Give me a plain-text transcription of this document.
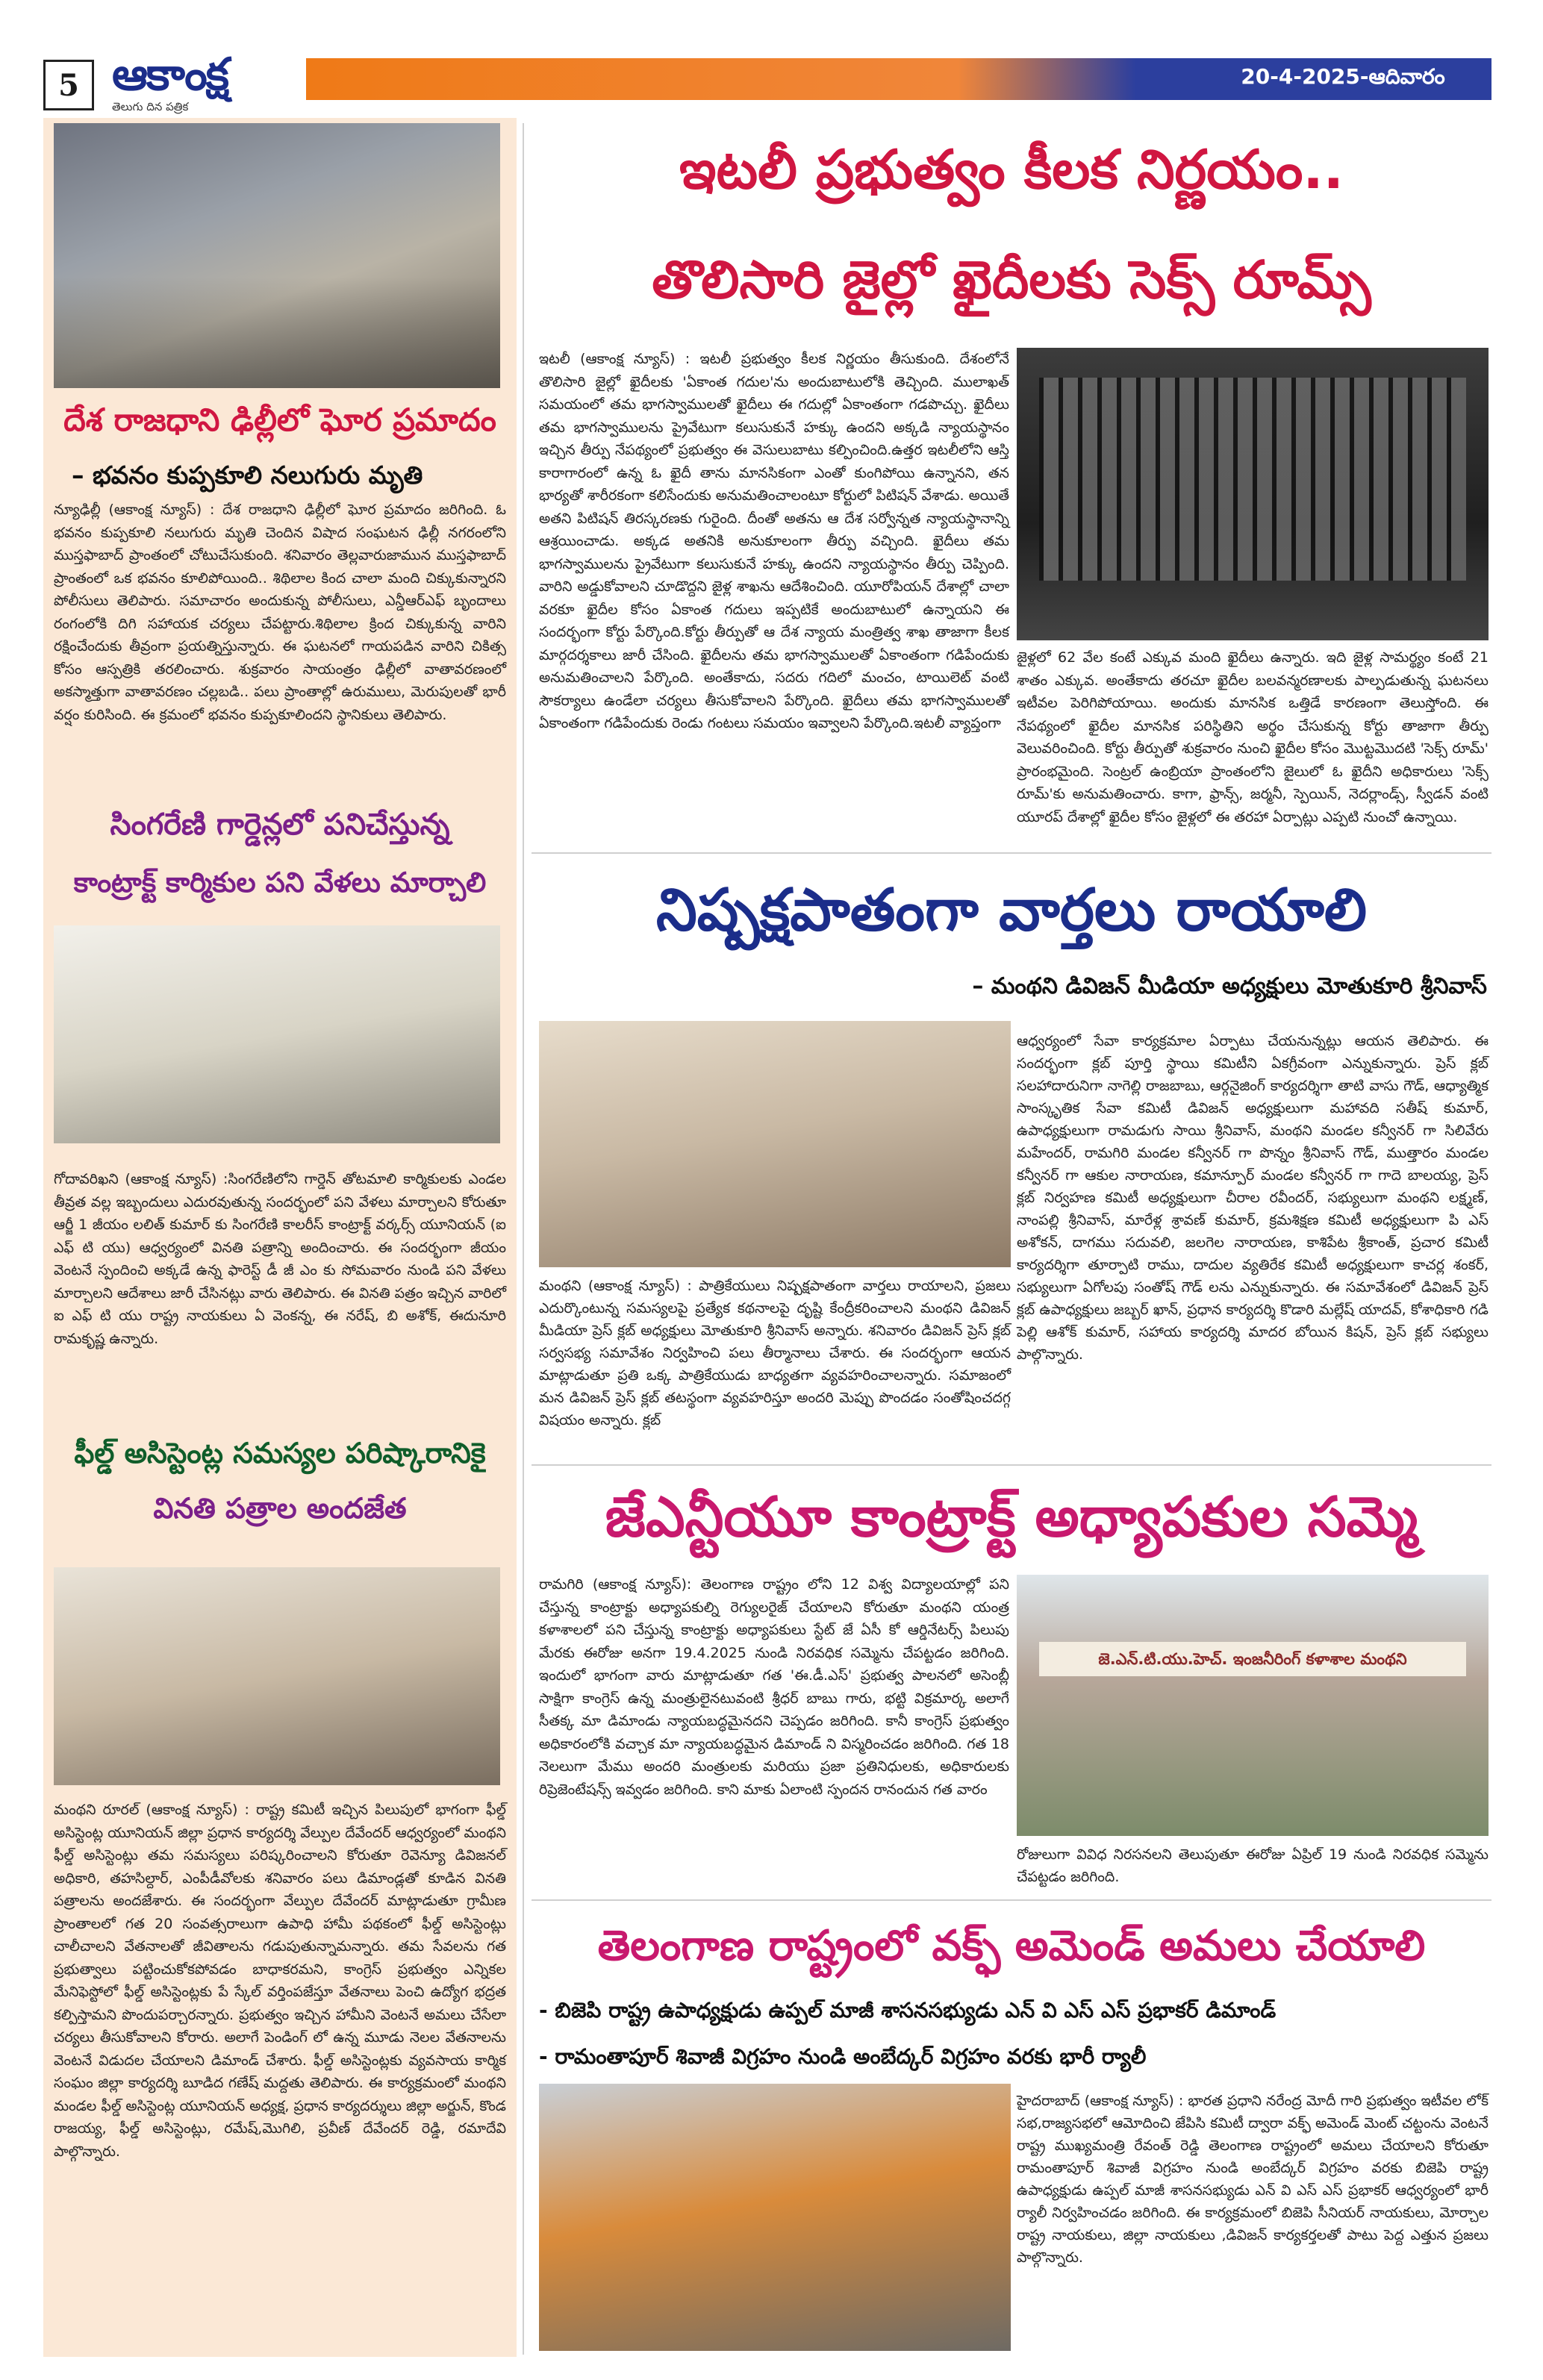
5 ఆకాంక్ష
తెలుగు దిన పత్రిక
20-4-2025-ఆదివారం
దేశ రాజధాని ఢిల్లీలో ఘోర ప్రమాదం
– భవనం కుప్పకూలి నలుగురు మృతి
న్యూఢిల్లీ (ఆకాంక్ష న్యూస్) : దేశ రాజధాని ఢిల్లీలో ఘోర ప్రమాదం జరిగింది. ఓ భవనం కుప్పకూలి నలుగురు మృతి చెందిన విషాద సంఘటన ఢిల్లీ నగరంలోని ముస్తఫాబాద్ ప్రాంతంలో చోటుచేసుకుంది. శనివారం తెల్లవారుజామున ముస్తఫాబాద్ ప్రాంతంలో ఒక భవనం కూలిపోయింది.. శిథిలాల కింద చాలా మంది చిక్కుకున్నారని పోలీసులు తెలిపారు. సమాచారం అందుకున్న పోలీసులు, ఎన్డీఆర్ఎఫ్ బృందాలు రంగంలోకి దిగి సహాయక చర్యలు చేపట్టారు.శిథిలాల క్రింద చిక్కుకున్న వారిని రక్షించేందుకు తీవ్రంగా ప్రయత్నిస్తున్నారు. ఈ ఘటనలో గాయపడిన వారిని చికిత్స కోసం ఆస్పత్రికి తరలించారు. శుక్రవారం సాయంత్రం ఢిల్లీలో వాతావరణంలో అకస్మాత్తుగా వాతావరణం చల్లబడి.. పలు ప్రాంతాల్లో ఉరుములు, మెరుపులతో భారీ వర్షం కురిసింది. ఈ క్రమంలో భవనం కుప్పకూలిందని స్థానికులు తెలిపారు.
సింగరేణి గార్డెన్లలో పనిచేస్తున్న
కాంట్రాక్ట్ కార్మికుల పని వేళలు మార్చాలి
గోదావరిఖని (ఆకాంక్ష న్యూస్) :సింగరేణిలోని గార్డెన్ తోటమాలి కార్మికులకు ఎండల తీవ్రత వల్ల ఇబ్బందులు ఎదురవుతున్న సందర్భంలో పని వేళలు మార్చాలని కోరుతూ ఆర్జీ 1 జీయం లలిత్ కుమార్ కు సింగరేణి కాలరీస్ కాంట్రాక్ట్ వర్కర్స్ యూనియన్ (ఐ ఎఫ్ టి యు) ఆధ్వర్యంలో వినతి పత్రాన్ని అందించారు. ఈ సందర్భంగా జీయం వెంటనే స్పందించి అక్కడే ఉన్న ఫారెస్ట్ డీ జీ ఎం కు సోమవారం నుండి పని వేళలు మార్చాలని ఆదేశాలు జారీ చేసినట్లు వారు తెలిపారు. ఈ వినతి పత్రం ఇచ్చిన వారిలో ఐ ఎఫ్ టి యు రాష్ట్ర నాయకులు ఏ వెంకన్న, ఈ నరేష్, బి అశోక్, ఈదునూరి రామకృష్ణ ఉన్నారు.
ఫీల్డ్ అసిస్టెంట్ల సమస్యల పరిష్కారానికై
వినతి పత్రాల అందజేత
మంథని రూరల్ (ఆకాంక్ష న్యూస్) : రాష్ట్ర కమిటీ ఇచ్చిన పిలుపులో భాగంగా ఫీల్డ్ అసిస్టెంట్ల యూనియన్ జిల్లా ప్రధాన కార్యదర్శి వేల్పుల దేవేందర్ ఆధ్వర్యంలో మంథని ఫీల్డ్ అసిస్టెంట్లు తమ సమస్యలు పరిష్కరించాలని కోరుతూ రెవెన్యూ డివిజనల్ అధికారి, తహసిల్దార్, ఎంపీడీవోలకు శనివారం పలు డిమాండ్లతో కూడిన వినతి పత్రాలను అందజేశారు. ఈ సందర్భంగా వేల్పుల దేవేందర్ మాట్లాడుతూ గ్రామీణ ప్రాంతాలలో గత 20 సంవత్సరాలుగా ఉపాధి హామీ పథకంలో ఫీల్డ్ అసిస్టెంట్లు చాలీచాలని వేతనాలతో జీవితాలను గడుపుతున్నామన్నారు. తమ సేవలను గత ప్రభుత్వాలు పట్టించుకోకపోవడం బాధాకరమని, కాంగ్రెస్ ప్రభుత్వం ఎన్నికల మేనిఫెస్టోలో ఫీల్డ్ అసిస్టెంట్లకు పే స్కేల్ వర్తింపజేస్తూ వేతనాలు పెంచి ఉద్యోగ భద్రత కల్పిస్తామని పొందుపర్చారన్నారు. ప్రభుత్వం ఇచ్చిన హామీని వెంటనే అమలు చేసేలా చర్యలు తీసుకోవాలని కోరారు. అలాగే పెండింగ్ లో ఉన్న మూడు నెలల వేతనాలను వెంటనే విడుదల చేయాలని డిమాండ్ చేశారు. ఫీల్డ్ అసిస్టెంట్లకు వ్యవసాయ కార్మిక సంఘం జిల్లా కార్యదర్శి బూడిద గణేష్ మద్దతు తెలిపారు. ఈ కార్యక్రమంలో మంథని మండల ఫీల్డ్ అసిస్టెంట్ల యూనియన్ అధ్యక్ష, ప్రధాన కార్యదర్శులు జిల్లా అర్జున్, కొండ రాజయ్య, ఫీల్డ్ అసిస్టెంట్లు, రమేష్,మొగిలి, ప్రవీణ్ దేవేందర్ రెడ్డి, రమాదేవి పాల్గొన్నారు.
ఇటలీ ప్రభుత్వం కీలక నిర్ణయం..
తొలిసారి జైల్లో ఖైదీలకు సెక్స్ రూమ్స్
ఇటలీ (ఆకాంక్ష న్యూస్) : ఇటలీ ప్రభుత్వం కీలక నిర్ణయం తీసుకుంది. దేశంలోనే తొలిసారి జైల్లో ఖైదీలకు 'ఏకాంత గదుల'ను అందుబాటులోకి తెచ్చింది. ములాఖత్ సమయంలో తమ భాగస్వాములతో ఖైదీలు ఈ గదుల్లో ఏకాంతంగా గడపొచ్చు. ఖైదీలు తమ భాగస్వాములను ప్రైవేటుగా కలుసుకునే హక్కు ఉందని అక్కడి న్యాయస్థానం ఇచ్చిన తీర్పు నేపథ్యంలో ప్రభుత్వం ఈ వెసులుబాటు కల్పించింది.ఉత్తర ఇటలీలోని ఆస్తి కారాగారంలో ఉన్న ఓ ఖైదీ తాను మానసికంగా ఎంతో కుంగిపోయి ఉన్నానని, తన భార్యతో శారీరకంగా కలిసేందుకు అనుమతించాలంటూ కోర్టులో పిటిషన్ వేశాడు. అయితే అతని పిటిషన్ తిరస్కరణకు గురైంది. దీంతో అతను ఆ దేశ సర్వోన్నత న్యాయస్థానాన్ని ఆశ్రయించాడు. అక్కడ అతనికి అనుకూలంగా తీర్పు వచ్చింది. ఖైదీలు తమ భాగస్వాములను ప్రైవేటుగా కలుసుకునే హక్కు ఉందని న్యాయస్థానం తీర్పు చెప్పింది. వారిని అడ్డుకోవాలని చూడొద్దని జైళ్ల శాఖను ఆదేశించింది. యూరోపియన్ దేశాల్లో చాలా వరకూ ఖైదీల కోసం ఏకాంత గదులు ఇప్పటికే అందుబాటులో ఉన్నాయని ఈ సందర్భంగా కోర్టు పేర్కొంది.కోర్టు తీర్పుతో ఆ దేశ న్యాయ మంత్రిత్వ శాఖ తాజాగా కీలక మార్గదర్శకాలు జారీ చేసింది. ఖైదీలను తమ భాగస్వాములతో ఏకాంతంగా గడిపేందుకు అనుమతించాలని పేర్కొంది. అంతేకాదు, సదరు గదిలో మంచం, టాయిలెట్ వంటి సౌకర్యాలు ఉండేలా చర్యలు తీసుకోవాలని పేర్కొంది. ఖైదీలు తమ భాగస్వాములతో ఏకాంతంగా గడిపేందుకు రెండు గంటలు సమయం ఇవ్వాలని పేర్కొంది.ఇటలీ వ్యాప్తంగా
జైళ్లలో 62 వేల కంటే ఎక్కువ మంది ఖైదీలు ఉన్నారు. ఇది జైళ్ల సామర్థ్యం కంటే 21 శాతం ఎక్కువ. అంతేకాదు తరచూ ఖైదీల బలవన్మరణాలకు పాల్పడుతున్న ఘటనలు ఇటీవల పెరిగిపోయాయి. అందుకు మానసిక ఒత్తిడే కారణంగా తెలుస్తోంది. ఈ నేపథ్యంలో ఖైదీల మానసిక పరిస్థితిని అర్థం చేసుకున్న కోర్టు తాజాగా తీర్పు వెలువరించింది. కోర్టు తీర్పుతో శుక్రవారం నుంచి ఖైదీల కోసం మొట్టమొదటి 'సెక్స్ రూమ్' ప్రారంభమైంది. సెంట్రల్ ఉంబ్రియా ప్రాంతంలోని జైలులో ఓ ఖైదీని అధికారులు 'సెక్స్ రూమ్'కు అనుమతించారు. కాగా, ఫ్రాన్స్, జర్మనీ, స్పెయిన్, నెదర్లాండ్స్, స్వీడన్ వంటి యూరప్ దేశాల్లో ఖైదీల కోసం జైళ్లలో ఈ తరహా ఏర్పాట్లు ఎప్పటి నుంచో ఉన్నాయి.
నిష్పక్షపాతంగా వార్తలు రాయాలి
– మంథని డివిజన్ మీడియా అధ్యక్షులు మోతుకూరి శ్రీనివాస్
మంథని (ఆకాంక్ష న్యూస్) : పాత్రికేయులు నిష్పక్షపాతంగా వార్తలు రాయాలని, ప్రజలు ఎదుర్కొంటున్న సమస్యలపై ప్రత్యేక కథనాలపై దృష్టి కేంద్రీకరించాలని మంథని డివిజన్ మీడియా ప్రెస్ క్లబ్ అధ్యక్షులు మోతుకూరి శ్రీనివాస్ అన్నారు. శనివారం డివిజన్ ప్రెస్ క్లబ్ సర్వసభ్య సమావేశం నిర్వహించి పలు తీర్మానాలు చేశారు. ఈ సందర్భంగా ఆయన మాట్లాడుతూ ప్రతి ఒక్క పాత్రికేయుడు బాధ్యతగా వ్యవహరించాలన్నారు. సమాజంలో మన డివిజన్ ప్రెస్ క్లబ్ తటస్థంగా వ్యవహరిస్తూ అందరి మెప్పు పొందడం సంతోషించదగ్గ విషయం అన్నారు. క్లబ్
ఆధ్వర్యంలో సేవా కార్యక్రమాల ఏర్పాటు చేయనున్నట్లు ఆయన తెలిపారు. ఈ సందర్భంగా క్లబ్ పూర్తి స్థాయి కమిటీని ఏకగ్రీవంగా ఎన్నుకున్నారు. ప్రెస్ క్లబ్ సలహాదారునిగా నాగెల్లి రాజబాబు, ఆర్గనైజింగ్ కార్యదర్శిగా తాటి వాసు గౌడ్, ఆధ్యాత్మిక సాంస్కృతిక సేవా కమిటీ డివిజన్ అధ్యక్షులుగా మహావది సతీష్ కుమార్, ఉపాధ్యక్షులుగా రామడుగు సాయి శ్రీనివాస్, మంథని మండల కన్వీనర్ గా సిలివేరు మహేందర్, రామగిరి మండల కన్వీనర్ గా పొన్నం శ్రీనివాస్ గౌడ్, ముత్తారం మండల కన్వీనర్ గా ఆకుల నారాయణ, కమాన్పూర్ మండల కన్వీనర్ గా గాదె బాలయ్య, ప్రెస్ క్లబ్ నిర్వహణ కమిటీ అధ్యక్షులుగా చీరాల రవీందర్, సభ్యులుగా మంథని లక్ష్మణ్, నాంపల్లి శ్రీనివాస్, మారేళ్ల శ్రావణ్ కుమార్, క్రమశిక్షణ కమిటీ అధ్యక్షులుగా పి ఎస్ అశోకన్, దాగము సదువలి, జలగెల నారాయణ, కాశిపేట శ్రీకాంత్, ప్రచార కమిటీ కార్యదర్శిగా తూర్పాటి రాము, దాదుల వ్యతిరేక కమిటీ అధ్యక్షులుగా కాచర్ల శంకర్, సభ్యులుగా ఏగోలపు సంతోష్ గౌడ్ లను ఎన్నుకున్నారు. ఈ సమావేశంలో డివిజన్ ప్రెస్ క్లబ్ ఉపాధ్యక్షులు జబ్బర్ ఖాన్, ప్రధాన కార్యదర్శి కొడారి మల్లేష్ యాదవ్, కోశాధికారి గడి పెల్లి ఆశోక్ కుమార్, సహాయ కార్యదర్శి మాదర బోయిన కిషన్, ప్రెస్ క్లబ్ సభ్యులు పాల్గొన్నారు.
జేఎన్టీయూ కాంట్రాక్ట్ అధ్యాపకుల సమ్మె
రామగిరి (ఆకాంక్ష న్యూస్): తెలంగాణ రాష్ట్రం లోని 12 విశ్వ విద్యాలయాల్లో పని చేస్తున్న కాంట్రాక్టు అధ్యాపకుల్ని రెగ్యులరైజ్ చేయాలని కోరుతూ మంథని యంత్ర కళాశాలలో పని చేస్తున్న కాంట్రాక్టు అధ్యాపకులు స్టేట్ జే ఏసీ కో ఆర్డినేటర్స్ పిలుపు మేరకు ఈరోజు అనగా 19.4.2025 నుండి నిరవధిక సమ్మెను చేపట్టడం జరిగింది. ఇందులో భాగంగా వారు మాట్లాడుతూ గత 'ఈ.డీ.ఎస్' ప్రభుత్వ పాలనలో అసెంబ్లీ సాక్షిగా కాంగ్రెస్ ఉన్న మంత్రులైనటువంటి శ్రీధర్ బాబు గారు, భట్టి విక్రమార్క అలాగే సీతక్క మా డిమాండు న్యాయబద్ధమైనదని చెప్పడం జరిగింది. కానీ కాంగ్రెస్ ప్రభుత్వం అధికారంలోకి వచ్చాక మా న్యాయబద్ధమైన డిమాండ్ ని విస్మరించడం జరిగింది. గత 18 నెలలుగా మేము అందరి మంత్రులకు మరియు ప్రజా ప్రతినిధులకు, అధికారులకు రిప్రెజెంటేషన్స్ ఇవ్వడం జరిగింది. కాని మాకు ఏలాంటి స్పందన రానందున గత వారం
జె.ఎన్.టి.యు.హెచ్. ఇంజనీరింగ్ కళాశాల మంథని
రోజులుగా వివిధ నిరసనలని తెలుపుతూ ఈరోజు ఏప్రిల్ 19 నుండి నిరవధిక సమ్మెను చేపట్టడం జరిగింది.
తెలంగాణ రాష్ట్రంలో వక్ఫ్ అమెండ్ అమలు చేయాలి
- బిజెపి రాష్ట్ర ఉపాధ్యక్షుడు ఉప్పల్ మాజీ శాసనసభ్యుడు ఎన్ వి ఎస్ ఎస్ ప్రభాకర్ డిమాండ్
- రామంతాపూర్ శివాజీ విగ్రహం నుండి అంబేద్కర్ విగ్రహం వరకు భారీ ర్యాలీ
హైదరాబాద్ (ఆకాంక్ష న్యూస్) : భారత ప్రధాని నరేంద్ర మోదీ గారి ప్రభుత్వం ఇటీవల లోక్ సభ,రాజ్యసభలో ఆమోదించి జేపిసి కమిటీ ద్వారా వక్ఫ్ అమెండ్ మెంట్ చట్టంను వెంటనే రాష్ట్ర ముఖ్యమంత్రి రేవంత్ రెడ్డి తెలంగాణ రాష్ట్రంలో అమలు చేయాలని కోరుతూ రామంతాపూర్ శివాజీ విగ్రహం నుండి అంబేద్కర్ విగ్రహం వరకు బిజెపి రాష్ట్ర ఉపాధ్యక్షుడు ఉప్పల్ మాజీ శాసనసభ్యుడు ఎన్ వి ఎస్ ఎస్ ప్రభాకర్ ఆధ్వర్యంలో భారీ ర్యాలీ నిర్వహించడం జరిగింది. ఈ కార్యక్రమంలో బిజెపి సీనియర్ నాయకులు, మోర్చాల రాష్ట్ర నాయకులు, జిల్లా నాయకులు ,డివిజన్ కార్యకర్తలతో పాటు పెద్ద ఎత్తున ప్రజలు పాల్గొన్నారు.
